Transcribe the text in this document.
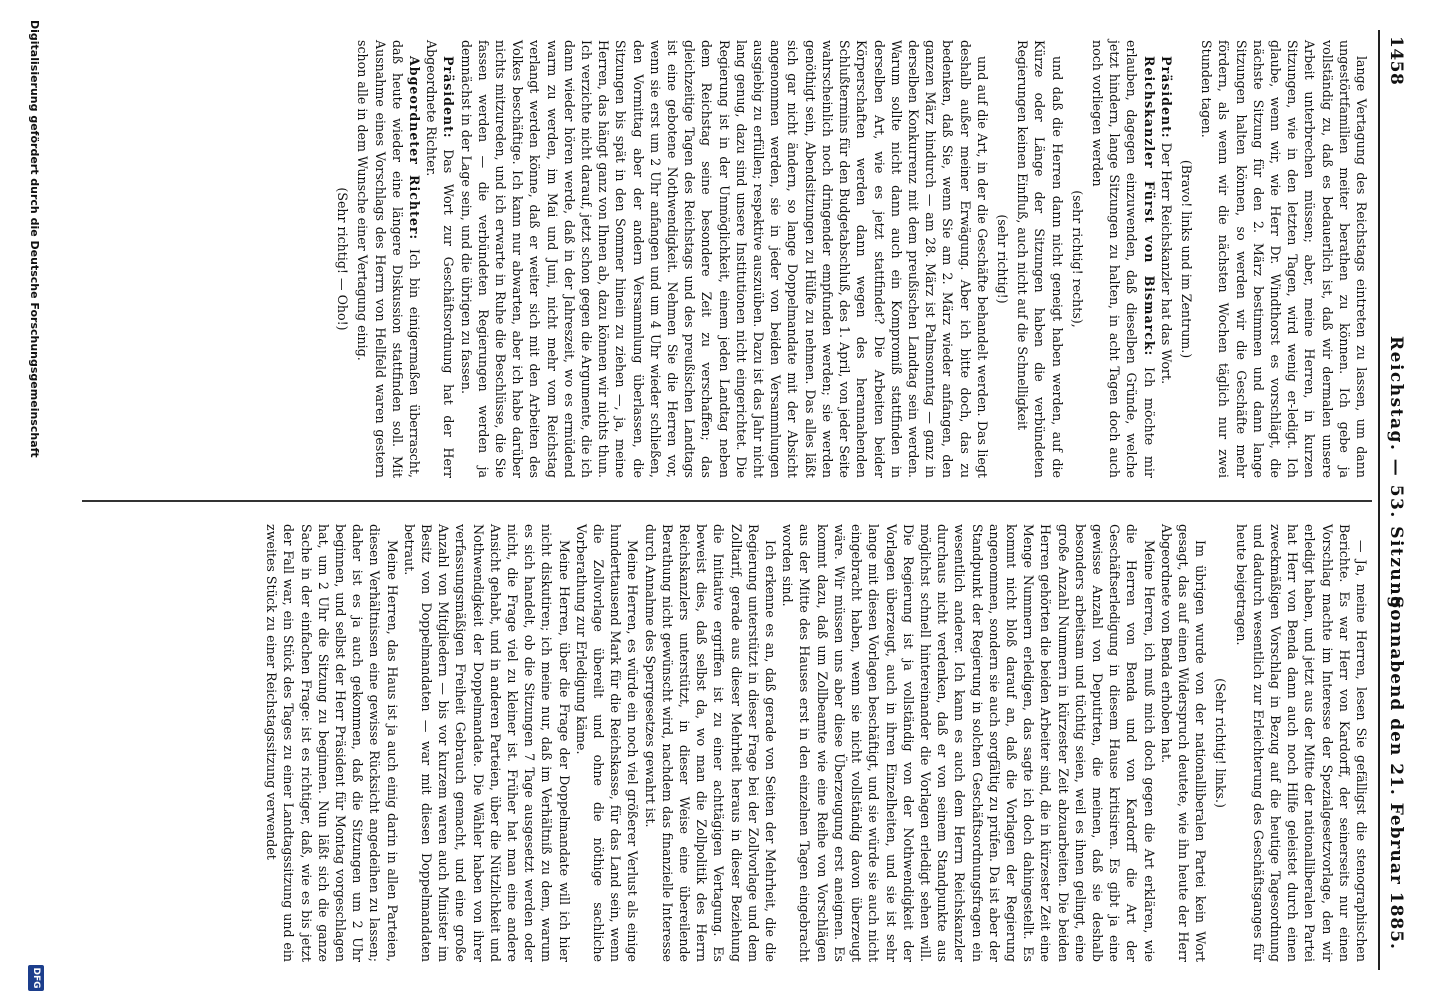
1458
Reichstag. — 53. Sitzung.
Sonnabend den 21. Februar 1885.

lange Vertagung des Reichstags eintreten zu lassen, um dann ungestörtfamilien meiter berathen zu können. Ich gebe ja vollständig zu, daß es bedauerlich ist, daß wir dermalen unsere Arbeit unterbrechen müssen; aber, meine Herren, in kurzen Sitzungen, wie in den letzten Tagen, wird wenig er-ledigt. Ich glaube, wenn wir, wie Herr Dr. Windthorst es vorschlägt, die nächste Sitzung für den 2. März bestimmen und dann lange Sitzungen halten können, so werden wir die Geschäfte mehr fördern, als wenn wir die nächsten Wochen täglich nur zwei Stunden tagen.

(Bravo! links und im Zentrum.)

Präsident: Der Herr Reichskanzler hat das Wort.

Reichskanzler Fürst von Bismarck: Ich möchte mir erlauben, dagegen einzuwenden, daß dieselben Gründe, welche jetzt hindern, lange Sitzungen zu halten, in acht Tagen doch auch noch vorliegen werden

(sehr richtig! rechts),

und daß die Herren dann nicht geneigt haben werden, auf die Kürze oder Länge der Sitzungen haben die verbündeten Regierungen keinen Einfluß, auch nicht auf die Schnelligkeit

(sehr richtig!)

und auf die Art, in der die Geschäfte behandelt werden. Das liegt deshalb außer meiner Erwägung. Aber ich bitte doch, das zu bedenken, daß Sie, wenn Sie am 2. März wieder anfangen, den ganzen März hindurch — am 28. März ist Palmsonntag — ganz in derselben Konkurrenz mit dem preußischen Landtag sein werden. Warum sollte nicht dann auch ein Kompromiß stattfinden in derselben Art, wie es jetzt stattfindet? Die Arbeiten beider Körperschaften werden dann wegen des herannahenden Schlußtermins für den Budgetabschluß, des 1. April, von jeder Seite wahrscheinlich noch dringender empfunden werden; sie werden genöthigt sein, Abendsitzungen zu Hülfe zu nehmen. Das alles läßt sich gar nicht ändern, so lange Doppelmandate mit der Absicht angenommen werden, sie in jeder von beiden Versammlungen ausgiebig zu erfüllen; respektive auszuüben. Dazu ist das Jahr nicht lang genug, dazu sind unsere Institutionen nicht eingerichtet. Die Regierung ist in der Unmöglichkeit, einem jeden Landtag neben dem Reichstag seine besondere Zeit zu verschaffen; das gleichzeitige Tagen des Reichstags und des preußischen Landtags ist eine gebotene Nothwendigkeit. Nehmen Sie die Herren vor, wenn sie erst um 2 Uhr anfangen und um 4 Uhr wieder schließen, den Vormittag aber der andern Versammlung überlassen, die Sitzungen bis spät in den Sommer hinein zu ziehen —, ja, meine Herren, das hängt ganz von Ihnen ab, dazu können wir nichts thun. Ich verzichte nicht darauf, jetzt schon gegen die Argumente, die ich dann wieder hören werde, daß in der Jahreszeit, wo es ermüdend warm zu werden, im Mai und Juni, nicht mehr vom Reichstag verlangt werden könne, daß er weiter sich mit den Arbeiten des Volkes beschäftige. Ich kann nur abwarten, aber ich habe darüber nichts mitzureden, und ich erwarte in Ruhe die Beschlüsse, die Sie fassen werden — die verbündeten Regierungen werden ja demnächst in der Lage sein, und die übrigen zu fassen.

Präsident: Das Wort zur Geschäftsordnung hat der Herr Abgeordnete Richter.

Abgeordneter Richter: Ich bin einigermaßen überrascht, daß heute wieder eine längere Diskussion stattfinden soll. Mit Ausnahme eines Vorschlags des Herrn von Hellfeld waren gestern schon alle in dem Wunsche einer Vertagung einig.

(Sehr richtig! — Oho!)

— Ja, meine Herren, lesen Sie gefälligst die stenographischen Berichte. Es war Herr von Kardorff, der seinerseits nur einen Vorschlag machte im Interesse der Spezialgesetzvorlage, den wir erledigt haben, und jetzt aus der Mitte der nationalliberalen Partei hat Herr von Benda dann auch noch Hilfe geleistet durch einen zweckmäßigen Vorschlag in Bezug auf die heutige Tagesordnung und dadurch wesentlich zur Erleichterung des Geschäftsganges für heute beigetragen.

(Sehr richtig! links.)

Im übrigen wurde von der nationalliberalen Partei kein Wort gesagt, das auf einen Widerspruch deutete, wie ihn heute der Herr Abgeordnete von Benda erhoben hat.

Meine Herren, ich muß mich doch gegen die Art erklären, wie die Herren von Benda und von Kardorff die Art der Geschäftserledigung in diesem Hause kritisiren. Es gibt ja eine gewisse Anzahl von Deputirten, die meinen, daß sie deshalb besonders arbeitsam und tüchtig seien, weil es ihnen gelingt, eine große Anzahl Nummern in kürzester Zeit abzuarbeiten. Die beiden Herren gehörten die beiden Arbeiter sind, die in kürzester Zeit eine Menge Nummern erledigen, das sagte ich doch dahingestellt. Es kommt nicht bloß darauf an, daß die Vorlagen der Regierung angenommen, sondern sie auch sorgfältig zu prüfen. Da ist aber der Standpunkt der Regierung in solchen Geschäftsordnungsfragen ein wesentlich anderer. Ich kann es auch dem Herrn Reichskanzler durchaus nicht verdenken, daß er von seinem Standpunkte aus möglichst schnell hintereinander die Vorlagen erledigt sehen will. Die Regierung ist ja vollständig von der Nothwendigkeit der Vorlagen überzeugt, auch in ihren Einzelheiten, und sie ist sehr lange mit diesen Vorlagen beschäftigt, und sie würde sie auch nicht eingebracht haben, wenn sie nicht vollständig davon überzeugt wäre. Wir müssen uns aber diese Überzeugung erst aneignen. Es kommt dazu, daß um Zollbeamte wie eine Reihe von Vorschlägen aus der Mitte des Hauses erst in den einzelnen Tagen eingebracht worden sind.

Ich erkenne es an, daß gerade von Seiten der Mehrheit, die die Regierung unterstützt in dieser Frage bei der Zollvorlage und dem Zolltarif, gerade aus dieser Mehrheit heraus in dieser Beziehung die Initiative ergriffen ist zu einer achttägigen Vertagung. Es beweist dies, daß selbst da, wo man die Zollpolitik des Herrn Reichskanzlers unterstützt, in dieser Weise eine übereilende Berathung nicht gewünscht wird, nachdem das finanzielle Interesse durch Annahme des Sperrgesetzes gewahrt ist.

Meine Herren, es würde ein noch viel größerer Verlust als einige hunderttausend Mark für die Reichskasse, für das Land sein, wenn die Zollvorlage übereilt und ohne die nöthige sachliche Vorberathung zur Erledigung käme.

Meine Herren, über die Frage der Doppelmandate will ich hier nicht diskutiren; ich meine nur, daß im Verhältniß zu dem, warum es sich handelt, ob die Sitzungen 7 Tage ausgesetzt werden oder nicht, die Frage viel zu kleiner ist. Früher hat man eine andere Ansicht gehabt, und in anderen Parteien, über die Nützlichkeit und Nothwendigkeit der Doppelmandate. Die Wähler haben von ihrer verfassungsmäßigen Freiheit Gebrauch gemacht, und eine große Anzahl von Mitgliedern — bis vor kurzem waren auch Minister im Besitz von Doppelmandaten — war mit diesen Doppelmandaten betraut.

Meine Herren, das Haus ist ja auch einig darin in allen Parteien, diesen Verhältnissen eine gewisse Rücksicht angedeihen zu lassen; daher ist es ja auch gekommen, daß die Sitzungen um 2 Uhr beginnen, und selbst der Herr Präsident für Montag vorgeschlagen hat, um 2 Uhr die Sitzung zu beginnen. Nun läßt sich die ganze Sache in der einfachen Frage: ist es richtiger, daß, wie es bis jetzt der Fall war, ein Stück des Tages zu einer Landtagssitzung und ein zweites Stück zu einer Reichstagssitzung verwendet

Digitalisierung gefördert durch die Deutsche Forschungsgemeinschaft
DFG
